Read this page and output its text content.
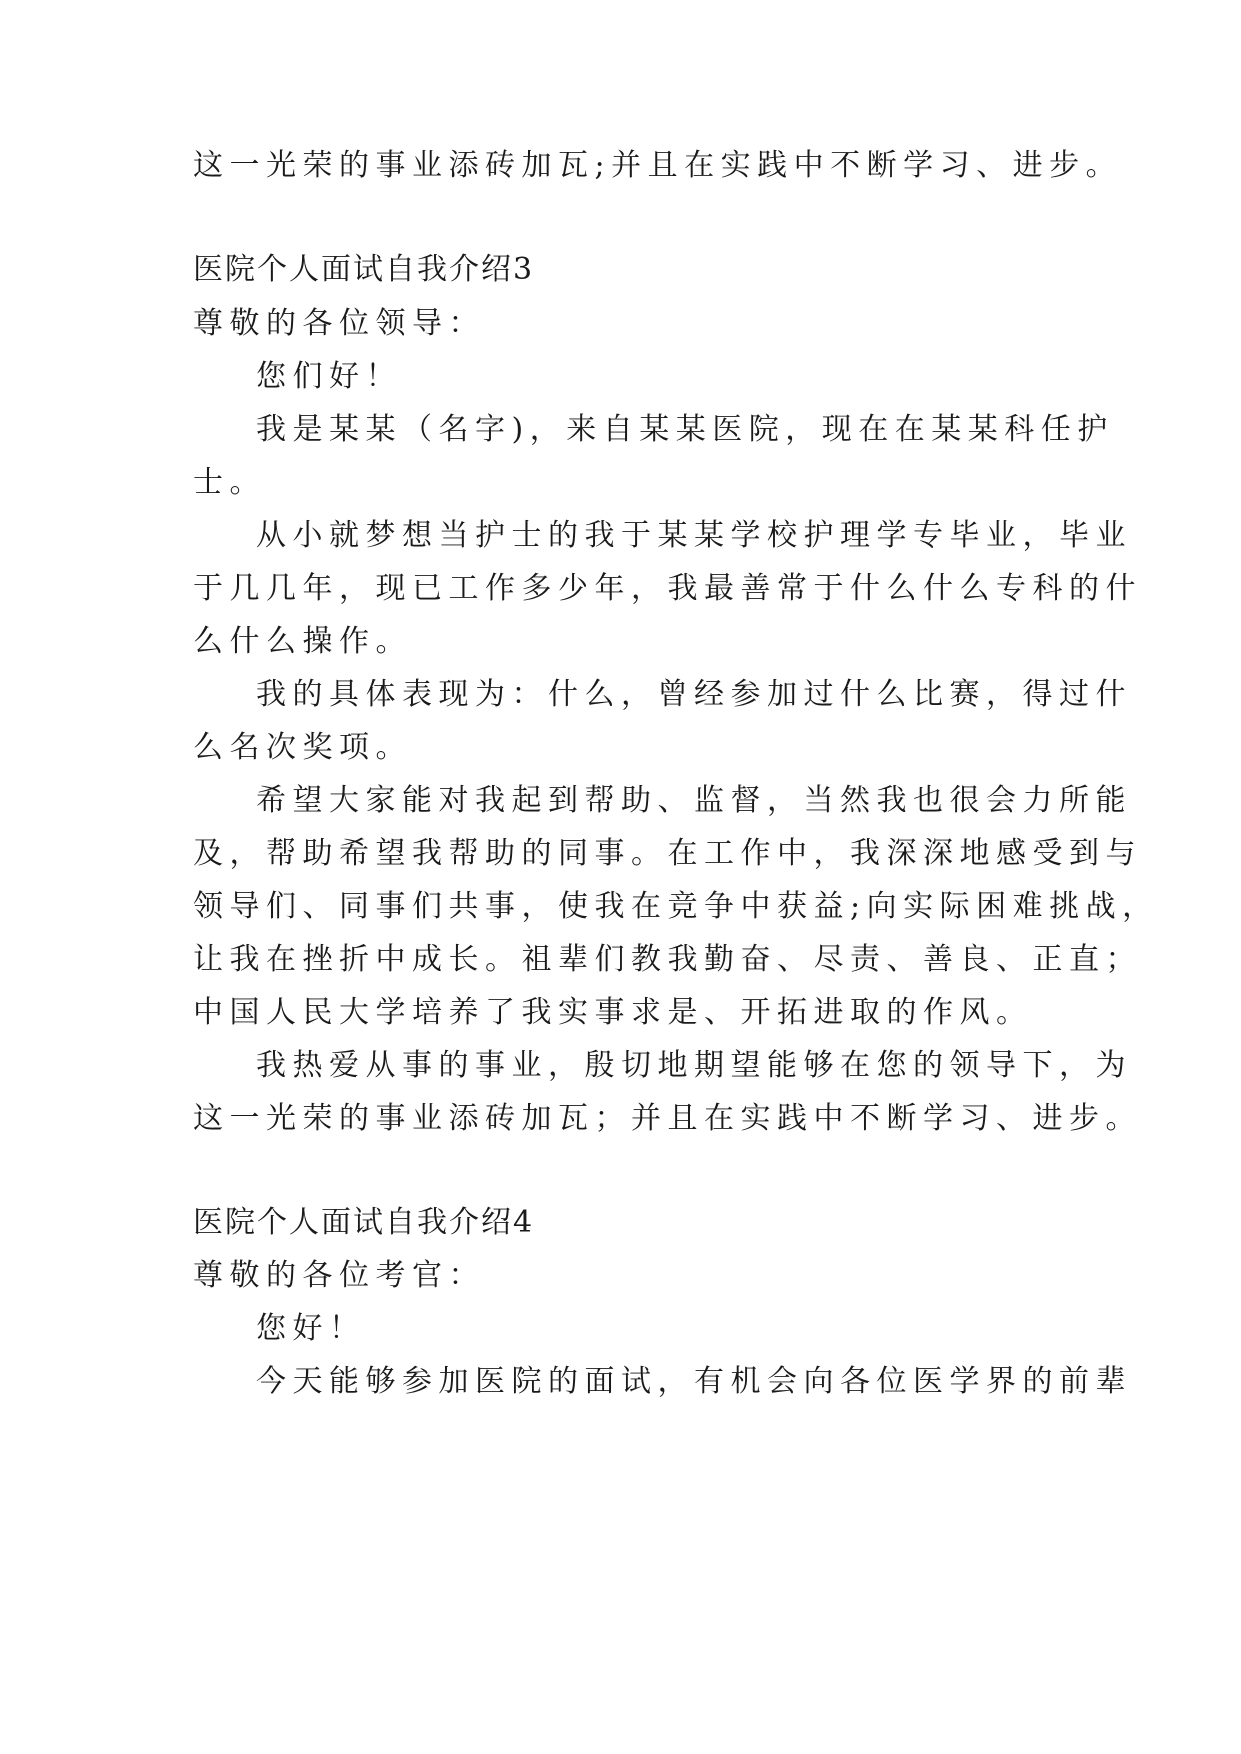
这一光荣的事业添砖加瓦;并且在实践中不断学习、进步。
医院个人面试自我介绍3
尊敬的各位领导：
您们好！
我是某某（名字)，来自某某医院，现在在某某科任护
士。
从小就梦想当护士的我于某某学校护理学专毕业，毕业
于几几年，现已工作多少年，我最善常于什么什么专科的什
么什么操作。
我的具体表现为：什么，曾经参加过什么比赛，得过什
么名次奖项。
希望大家能对我起到帮助、监督，当然我也很会力所能
及，帮助希望我帮助的同事。在工作中，我深深地感受到与
领导们、同事们共事，使我在竞争中获益;向实际困难挑战，
让我在挫折中成长。祖辈们教我勤奋、尽责、善良、正直；
中国人民大学培养了我实事求是、开拓进取的作风。
我热爱从事的事业，殷切地期望能够在您的领导下，为
这一光荣的事业添砖加瓦；并且在实践中不断学习、进步。
医院个人面试自我介绍4
尊敬的各位考官：
您好！
今天能够参加医院的面试，有机会向各位医学界的前辈
